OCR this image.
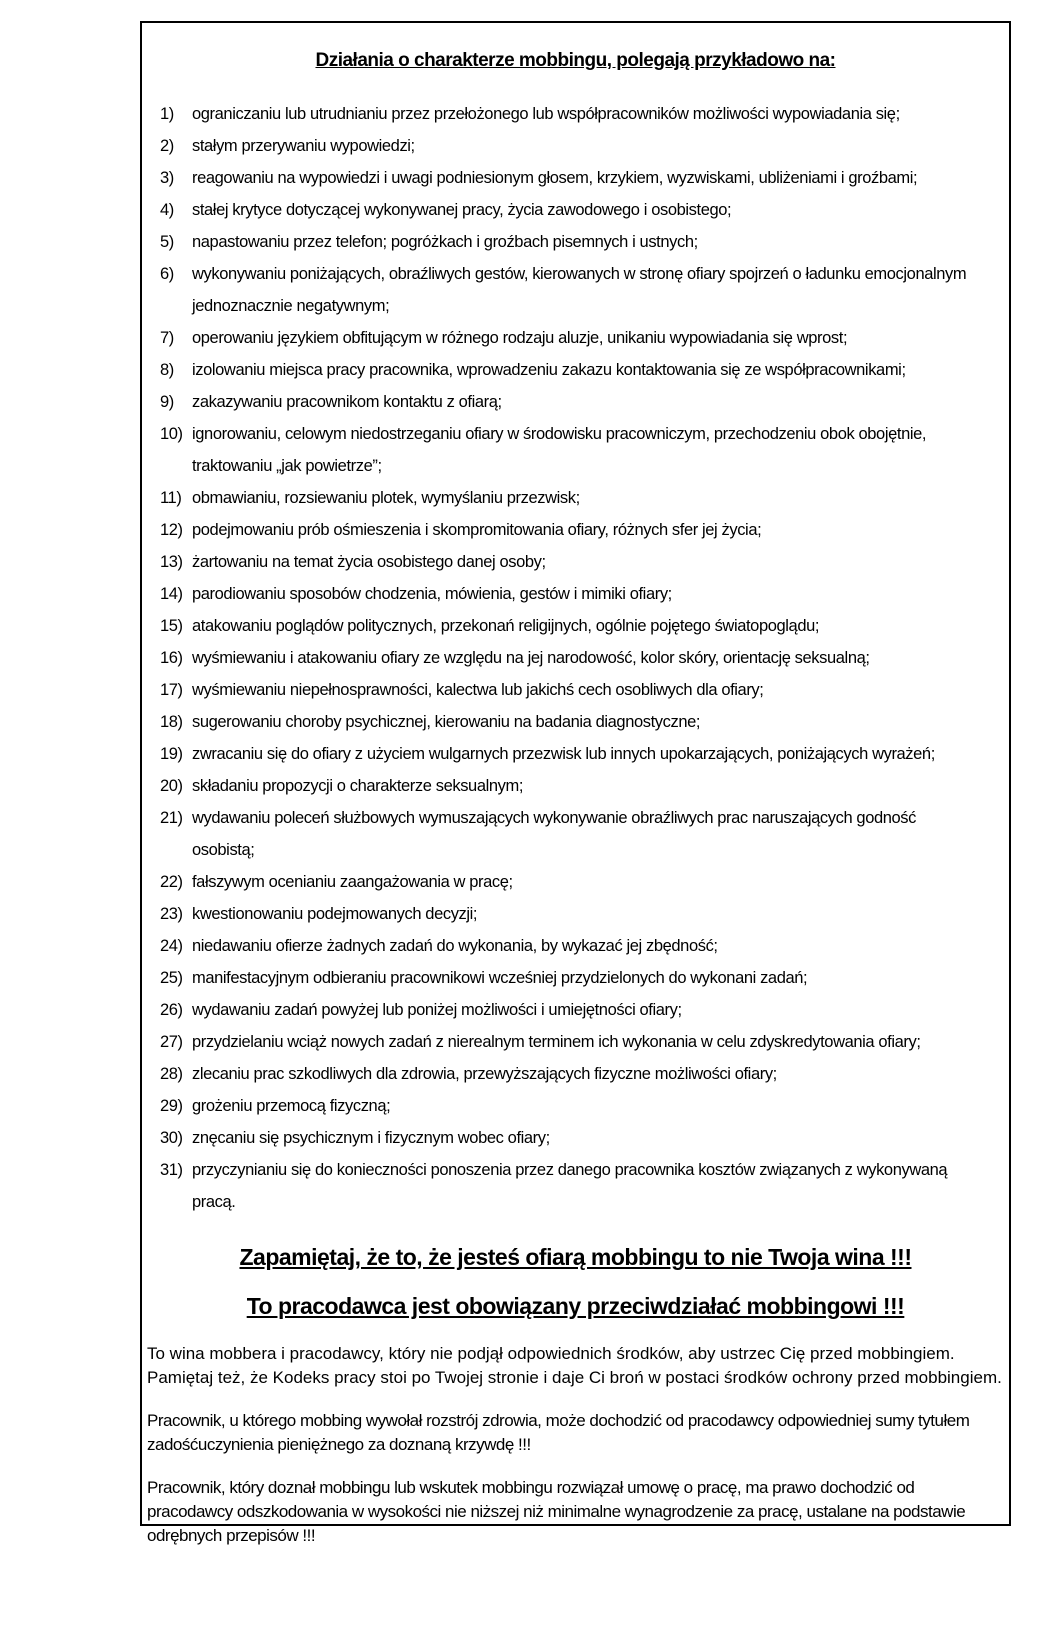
Działania o charakterze mobbingu, polegają przykładowo na:
1)	ograniczaniu lub utrudnianiu przez przełożonego lub współpracowników możliwości wypowiadania się;
2)	stałym przerywaniu wypowiedzi;
3)	reagowaniu na wypowiedzi i uwagi podniesionym głosem, krzykiem, wyzwiskami, ubliżeniami i groźbami;
4)	stałej krytyce dotyczącej wykonywanej pracy, życia zawodowego i osobistego;
5)	napastowaniu przez telefon; pogróżkach i groźbach pisemnych i ustnych;
6)	wykonywaniu poniżających, obraźliwych gestów, kierowanych w stronę ofiary spojrzeń o ładunku emocjonalnym jednoznacznie negatywnym;
7)	operowaniu językiem obfitującym w różnego rodzaju aluzje, unikaniu wypowiadania się wprost;
8)	izolowaniu miejsca pracy pracownika, wprowadzeniu zakazu kontaktowania się ze współpracownikami;
9)	zakazywaniu pracownikom kontaktu z ofiarą;
10) ignorowaniu, celowym niedostrzeganiu ofiary w środowisku pracowniczym, przechodzeniu obok obojętnie, traktowaniu „jak powietrze”;
11) obmawianiu, rozsiewaniu plotek, wymyślaniu przezwisk;
12) podejmowaniu prób ośmieszenia i skompromitowania ofiary, różnych sfer jej życia;
13) żartowaniu na temat życia osobistego danej osoby;
14) parodiowaniu sposobów chodzenia, mówienia, gestów i mimiki ofiary;
15) atakowaniu poglądów politycznych, przekonań religijnych, ogólnie pojętego światopoglądu;
16) wyśmiewaniu i atakowaniu ofiary ze względu na jej narodowość, kolor skóry, orientację seksualną;
17) wyśmiewaniu niepełnosprawności, kalectwa lub jakichś cech osobliwych dla ofiary;
18) sugerowaniu choroby psychicznej, kierowaniu na badania diagnostyczne;
19) zwracaniu się do ofiary z użyciem wulgarnych przezwisk lub innych upokarzających, poniżających wyrażeń;
20) składaniu propozycji o charakterze seksualnym;
21) wydawaniu poleceń służbowych wymuszających wykonywanie obraźliwych prac naruszających godność osobistą;
22) fałszywym ocenianiu zaangażowania w pracę;
23) kwestionowaniu podejmowanych decyzji;
24) niedawaniu ofierze żadnych zadań do wykonania, by wykazać jej zbędność;
25) manifestacyjnym odbieraniu pracownikowi wcześniej przydzielonych do wykonani zadań;
26) wydawaniu zadań powyżej lub poniżej możliwości i umiejętności ofiary;
27) przydzielaniu wciąż nowych zadań z nierealnym terminem ich wykonania w celu zdyskredytowania ofiary;
28) zlecaniu prac szkodliwych dla zdrowia, przewyższających fizyczne możliwości ofiary;
29) grożeniu przemocą fizyczną;
30) znęcaniu się psychicznym i fizycznym wobec ofiary;
31) przyczynianiu się do konieczności ponoszenia przez danego pracownika kosztów związanych z wykonywaną pracą.
Zapamiętaj, że to, że jesteś ofiarą mobbingu to nie Twoja wina !!!
To pracodawca jest obowiązany przeciwdziałać mobbingowi !!!

To wina mobbera i pracodawcy, który nie podjął odpowiednich środków, aby ustrzec Cię przed mobbingiem. Pamiętaj też, że Kodeks pracy stoi po Twojej stronie i daje Ci broń w postaci środków ochrony przed mobbingiem.

Pracownik, u którego mobbing wywołał rozstrój zdrowia, może dochodzić od pracodawcy odpowiedniej sumy tytułem zadośćuczynienia pieniężnego za doznaną krzywdę !!!

Pracownik, który doznał mobbingu lub wskutek mobbingu rozwiązał umowę o pracę, ma prawo dochodzić od pracodawcy odszkodowania w wysokości nie niższej niż minimalne wynagrodzenie za pracę, ustalane na podstawie odrębnych przepisów !!!
